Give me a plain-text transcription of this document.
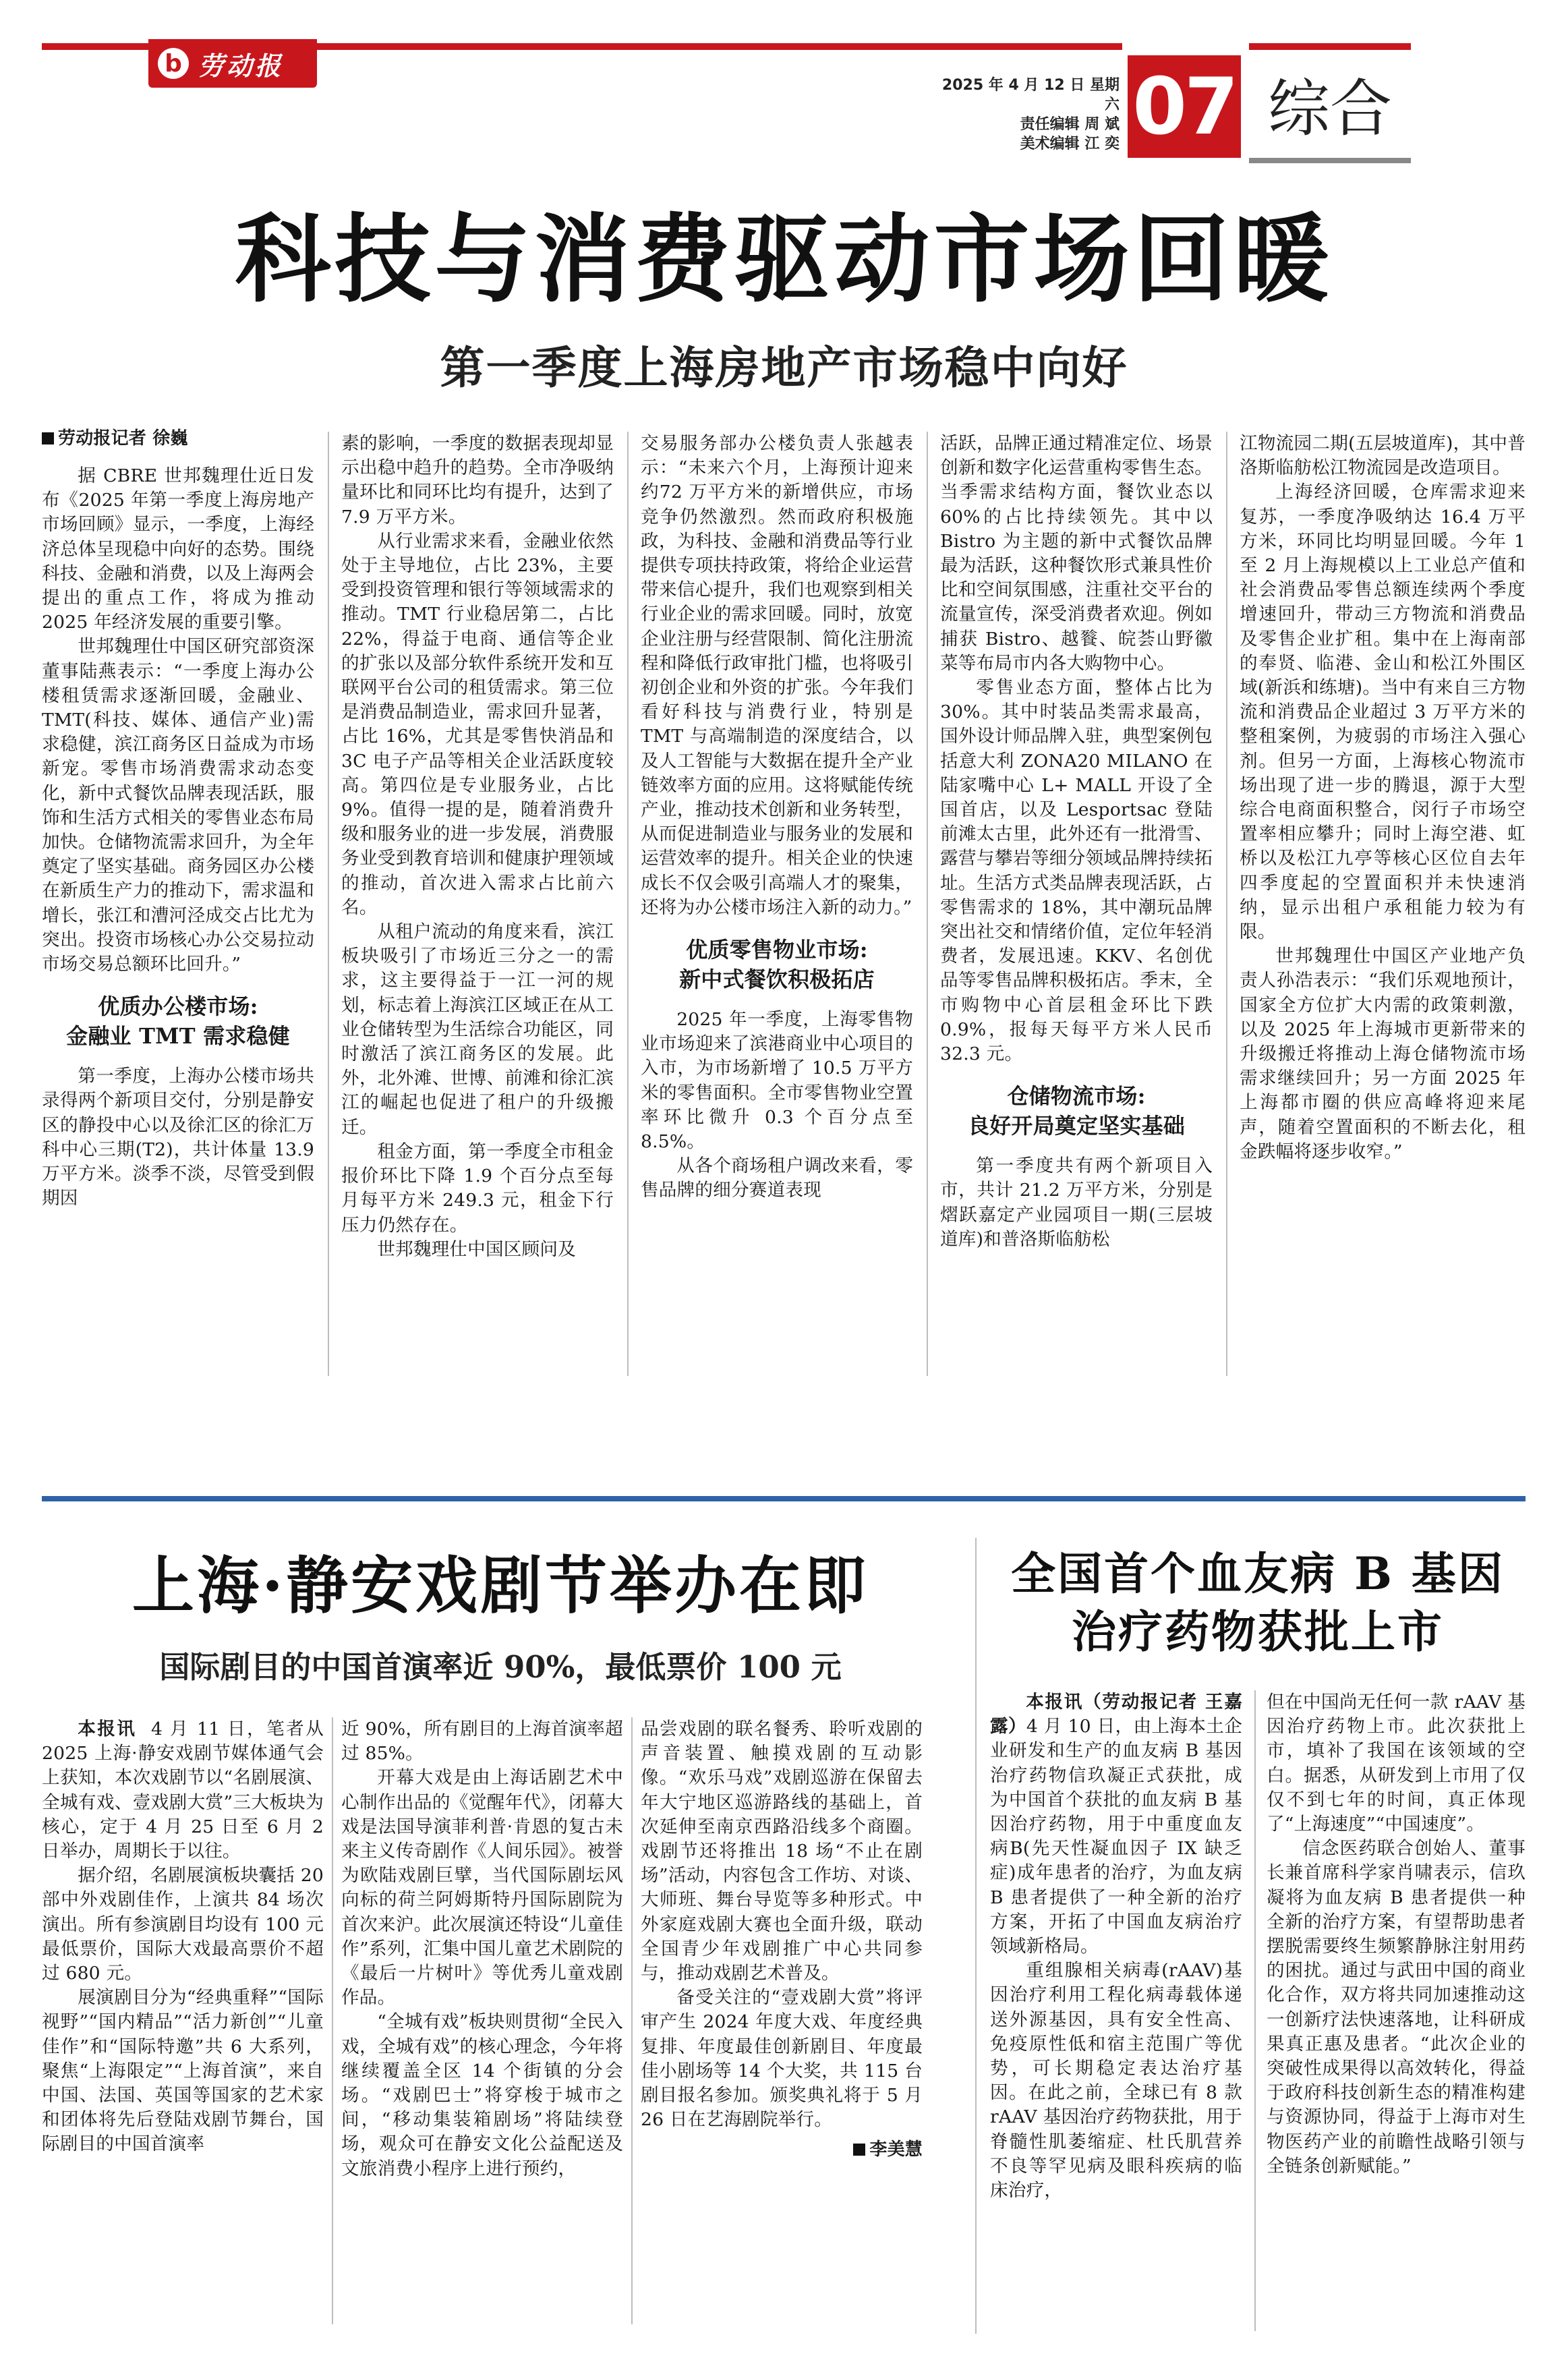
b 劳动报
2025 年 4 月 12 日 星期六
责任编辑 周 斌
美术编辑 江 奕 07 综合
科技与消费驱动市场回暖
第一季度上海房地产市场稳中向好

劳动报记者 徐巍

据 CBRE 世邦魏理仕近日发布《2025 年第一季度上海房地产市场回顾》显示，一季度，上海经济总体呈现稳中向好的态势。围绕科技、金融和消费，以及上海两会提出的重点工作，将成为推动 2025 年经济发展的重要引擎。

世邦魏理仕中国区研究部资深董事陆燕表示：“一季度上海办公楼租赁需求逐渐回暖，金融业、TMT(科技、媒体、通信产业)需求稳健，滨江商务区日益成为市场新宠。零售市场消费需求动态变化，新中式餐饮品牌表现活跃，服饰和生活方式相关的零售业态布局加快。仓储物流需求回升，为全年奠定了坚实基础。商务园区办公楼在新质生产力的推动下，需求温和增长，张江和漕河泾成交占比尤为突出。投资市场核心办公交易拉动市场交易总额环比回升。”

优质办公楼市场:
金融业 TMT 需求稳健

第一季度，上海办公楼市场共录得两个新项目交付，分别是静安区的静投中心以及徐汇区的徐汇万科中心三期(T2)，共计体量 13.9 万平方米。淡季不淡，尽管受到假期因

素的影响，一季度的数据表现却显示出稳中趋升的趋势。全市净吸纳量环比和同环比均有提升，达到了 7.9 万平方米。

从行业需求来看，金融业依然处于主导地位，占比 23%，主要受到投资管理和银行等领域需求的推动。TMT 行业稳居第二，占比 22%，得益于电商、通信等企业的扩张以及部分软件系统开发和互联网平台公司的租赁需求。第三位是消费品制造业，需求回升显著，占比 16%，尤其是零售快消品和 3C 电子产品等相关企业活跃度较高。第四位是专业服务业，占比 9%。值得一提的是，随着消费升级和服务业的进一步发展，消费服务业受到教育培训和健康护理领域的推动，首次进入需求占比前六名。

从租户流动的角度来看，滨江板块吸引了市场近三分之一的需求，这主要得益于一江一河的规划，标志着上海滨江区域正在从工业仓储转型为生活综合功能区，同时激活了滨江商务区的发展。此外，北外滩、世博、前滩和徐汇滨江的崛起也促进了租户的升级搬迁。

租金方面，第一季度全市租金报价环比下降 1.9 个百分点至每月每平方米 249.3 元，租金下行压力仍然存在。

世邦魏理仕中国区顾问及

交易服务部办公楼负责人张越表示：“未来六个月，上海预计迎来约72 万平方米的新增供应，市场竞争仍然激烈。然而政府积极施政，为科技、金融和消费品等行业提供专项扶持政策，将给企业运营带来信心提升，我们也观察到相关行业企业的需求回暖。同时，放宽企业注册与经营限制、简化注册流程和降低行政审批门槛，也将吸引初创企业和外资的扩张。今年我们看好科技与消费行业，特别是 TMT 与高端制造的深度结合，以及人工智能与大数据在提升全产业链效率方面的应用。这将赋能传统产业，推动技术创新和业务转型，从而促进制造业与服务业的发展和运营效率的提升。相关企业的快速成长不仅会吸引高端人才的聚集，还将为办公楼市场注入新的动力。”

优质零售物业市场:
新中式餐饮积极拓店

2025 年一季度，上海零售物业市场迎来了滨港商业中心项目的入市，为市场新增了 10.5 万平方米的零售面积。全市零售物业空置率环比微升 0.3 个百分点至 8.5%。

从各个商场租户调改来看，零售品牌的细分赛道表现

活跃，品牌正通过精准定位、场景创新和数字化运营重构零售生态。当季需求结构方面，餐饮业态以 60%的占比持续领先。其中以 Bistro 为主题的新中式餐饮品牌最为活跃，这种餐饮形式兼具性价比和空间氛围感，注重社交平台的流量宣传，深受消费者欢迎。例如捕获 Bistro、越餮、皖荟山野徽菜等布局市内各大购物中心。

零售业态方面，整体占比为 30%。其中时装品类需求最高，国外设计师品牌入驻，典型案例包括意大利 ZONA20 MILANO 在陆家嘴中心 L+ MALL 开设了全国首店，以及 Lesportsac 登陆前滩太古里，此外还有一批滑雪、露营与攀岩等细分领域品牌持续拓址。生活方式类品牌表现活跃，占零售需求的 18%，其中潮玩品牌突出社交和情绪价值，定位年轻消费者，发展迅速。KKV、名创优品等零售品牌积极拓店。季末，全市购物中心首层租金环比下跌 0.9%，报每天每平方米人民币 32.3 元。

仓储物流市场:
良好开局奠定坚实基础

第一季度共有两个新项目入市，共计 21.2 万平方米，分别是熠跃嘉定产业园项目一期(三层坡道库)和普洛斯临舫松

江物流园二期(五层坡道库)，其中普洛斯临舫松江物流园是改造项目。

上海经济回暖，仓库需求迎来复苏，一季度净吸纳达 16.4 万平方米，环同比均明显回暖。今年 1 至 2 月上海规模以上工业总产值和社会消费品零售总额连续两个季度增速回升，带动三方物流和消费品及零售企业扩租。集中在上海南部的奉贤、临港、金山和松江外围区域(新浜和练塘)。当中有来自三方物流和消费品企业超过 3 万平方米的整租案例，为疲弱的市场注入强心剂。但另一方面，上海核心物流市场出现了进一步的腾退，源于大型综合电商面积整合，闵行子市场空置率相应攀升；同时上海空港、虹桥以及松江九亭等核心区位自去年四季度起的空置面积并未快速消纳，显示出租户承租能力较为有限。

世邦魏理仕中国区产业地产负责人孙浩表示：“我们乐观地预计，国家全方位扩大内需的政策刺激，以及 2025 年上海城市更新带来的升级搬迁将推动上海仓储物流市场需求继续回升；另一方面 2025 年上海都市圈的供应高峰将迎来尾声，随着空置面积的不断去化，租金跌幅将逐步收窄。”

上海·静安戏剧节举办在即
国际剧目的中国首演率近 90%，最低票价 100 元

本报讯 4 月 11 日，笔者从 2025 上海·静安戏剧节媒体通气会上获知，本次戏剧节以“名剧展演、全城有戏、壹戏剧大赏”三大板块为核心，定于 4 月 25 日至 6 月 2 日举办，周期长于以往。

据介绍，名剧展演板块囊括 20 部中外戏剧佳作，上演共 84 场次演出。所有参演剧目均设有 100 元最低票价，国际大戏最高票价不超过 680 元。

展演剧目分为“经典重释”“国际视野”“国内精品”“活力新创”“儿童佳作”和“国际特邀”共 6 大系列，聚焦“上海限定”“上海首演”，来自中国、法国、英国等国家的艺术家和团体将先后登陆戏剧节舞台，国际剧目的中国首演率

近 90%，所有剧目的上海首演率超过 85%。

开幕大戏是由上海话剧艺术中心制作出品的《觉醒年代》，闭幕大戏是法国导演菲利普·肯恩的复古未来主义传奇剧作《人间乐园》。被誉为欧陆戏剧巨擘，当代国际剧坛风向标的荷兰阿姆斯特丹国际剧院为首次来沪。此次展演还特设“儿童佳作”系列，汇集中国儿童艺术剧院的《最后一片树叶》等优秀儿童戏剧作品。

“全城有戏”板块则贯彻“全民入戏，全城有戏”的核心理念，今年将继续覆盖全区 14 个街镇的分会场。“戏剧巴士”将穿梭于城市之间，“移动集装箱剧场”将陆续登场，观众可在静安文化公益配送及文旅消费小程序上进行预约，

品尝戏剧的联名餐秀、聆听戏剧的声音装置、触摸戏剧的互动影像。“欢乐马戏”戏剧巡游在保留去年大宁地区巡游路线的基础上，首次延伸至南京西路沿线多个商圈。戏剧节还将推出 18 场“不止在剧场”活动，内容包含工作坊、对谈、大师班、舞台导览等多种形式。中外家庭戏剧大赛也全面升级，联动全国青少年戏剧推广中心共同参与，推动戏剧艺术普及。

备受关注的“壹戏剧大赏”将评审产生 2024 年度大戏、年度经典复排、年度最佳创新剧目、年度最佳小剧场等 14 个大奖，共 115 台剧目报名参加。颁奖典礼将于 5 月 26 日在艺海剧院举行。

李美慧

全国首个血友病 B 基因
治疗药物获批上市

本报讯（劳动报记者 王嘉露）4 月 10 日，由上海本土企业研发和生产的血友病 B 基因治疗药物信玖凝正式获批，成为中国首个获批的血友病 B 基因治疗药物，用于中重度血友病B(先天性凝血因子 IX 缺乏症)成年患者的治疗，为血友病 B 患者提供了一种全新的治疗方案，开拓了中国血友病治疗领域新格局。

重组腺相关病毒(rAAV)基因治疗利用工程化病毒载体递送外源基因，具有安全性高、免疫原性低和宿主范围广等优势，可长期稳定表达治疗基因。在此之前，全球已有 8 款 rAAV 基因治疗药物获批，用于脊髓性肌萎缩症、杜氏肌营养不良等罕见病及眼科疾病的临床治疗，

但在中国尚无任何一款 rAAV 基因治疗药物上市。此次获批上市，填补了我国在该领域的空白。据悉，从研发到上市用了仅仅不到七年的时间，真正体现了“上海速度”“中国速度”。

信念医药联合创始人、董事长兼首席科学家肖啸表示，信玖凝将为血友病 B 患者提供一种全新的治疗方案，有望帮助患者摆脱需要终生频繁静脉注射用药的困扰。通过与武田中国的商业化合作，双方将共同加速推动这一创新疗法快速落地，让科研成果真正惠及患者。“此次企业的突破性成果得以高效转化，得益于政府科技创新生态的精准构建与资源协同，得益于上海市对生物医药产业的前瞻性战略引领与全链条创新赋能。”
